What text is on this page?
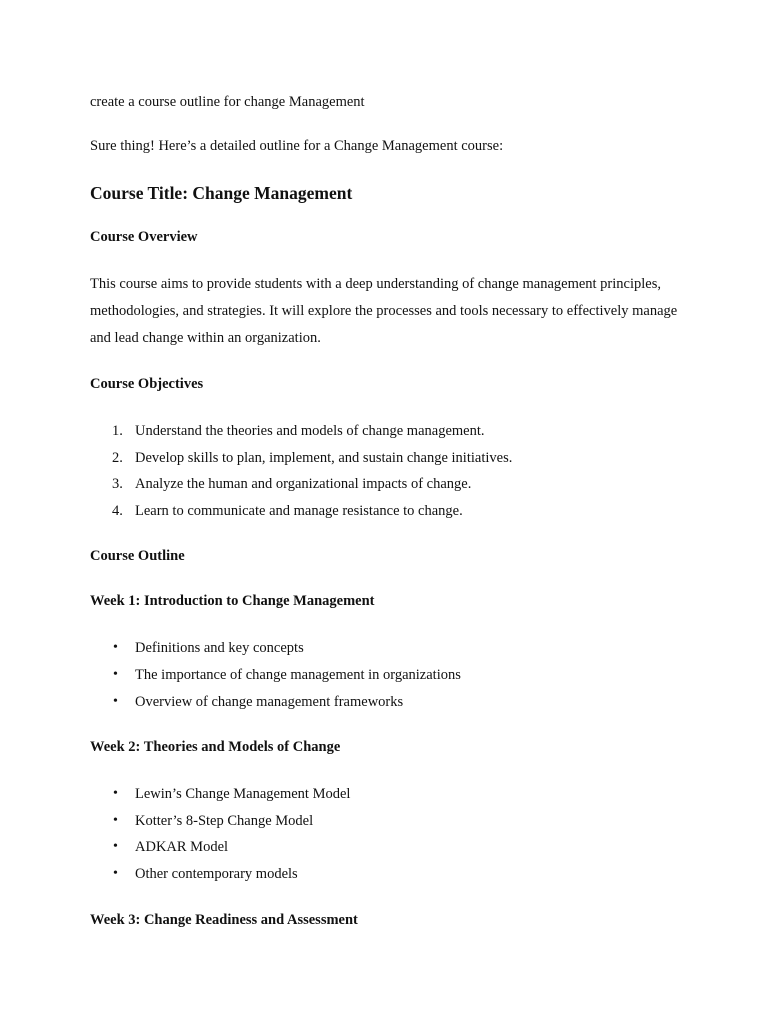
create a course outline for change Management

Sure thing! Here’s a detailed outline for a Change Management course:

Course Title: Change Management
Course Overview

This course aims to provide students with a deep understanding of change management principles, methodologies, and strategies. It will explore the processes and tools necessary to effectively manage and lead change within an organization.

Course Objectives
1. Understand the theories and models of change management.
2. Develop skills to plan, implement, and sustain change initiatives.
3. Analyze the human and organizational impacts of change.
4. Learn to communicate and manage resistance to change.
Course Outline
Week 1: Introduction to Change Management
• Definitions and key concepts
• The importance of change management in organizations
• Overview of change management frameworks
Week 2: Theories and Models of Change
• Lewin’s Change Management Model
• Kotter’s 8-Step Change Model
• ADKAR Model
• Other contemporary models
Week 3: Change Readiness and Assessment
